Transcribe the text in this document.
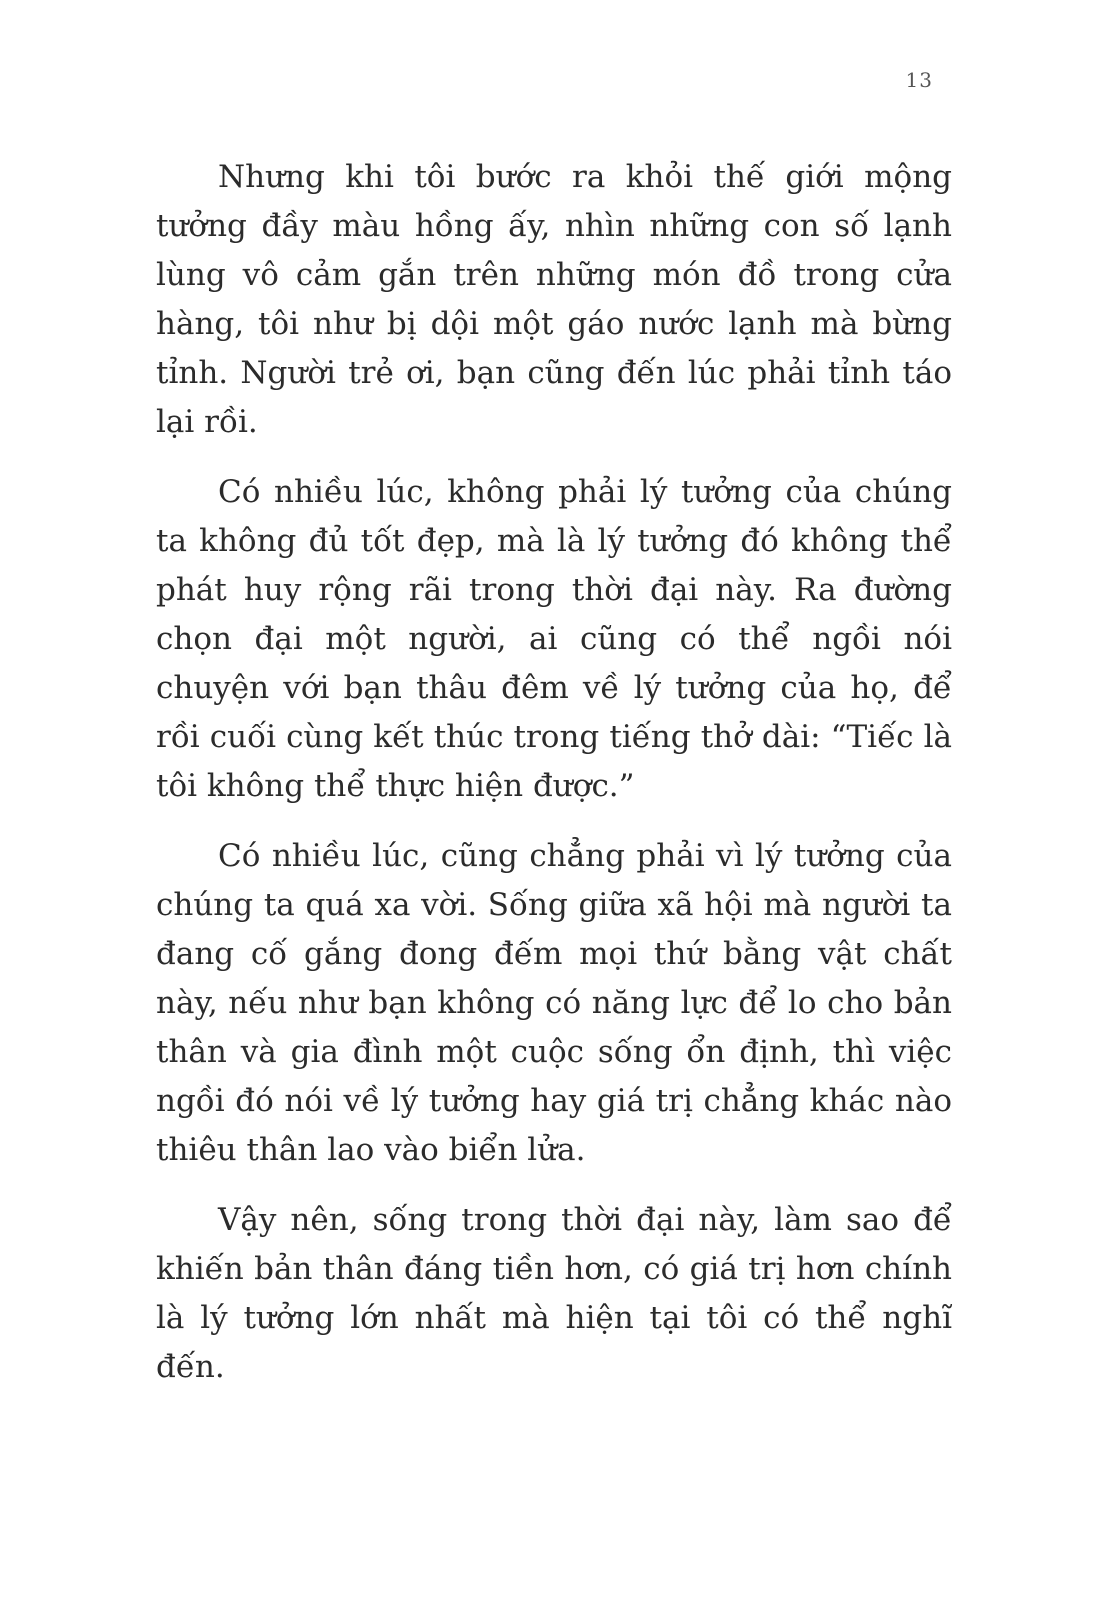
13

Nhưng khi tôi bước ra khỏi thế giới mộng tưởng đầy màu hồng ấy, nhìn những con số lạnh lùng vô cảm gắn trên những món đồ trong cửa hàng, tôi như bị dội một gáo nước lạnh mà bừng tỉnh. Người trẻ ơi, bạn cũng đến lúc phải tỉnh táo lại rồi.

Có nhiều lúc, không phải lý tưởng của chúng ta không đủ tốt đẹp, mà là lý tưởng đó không thể phát huy rộng rãi trong thời đại này. Ra đường chọn đại một người, ai cũng có thể ngồi nói chuyện với bạn thâu đêm về lý tưởng của họ, để rồi cuối cùng kết thúc trong tiếng thở dài: “Tiếc là tôi không thể thực hiện được.”

Có nhiều lúc, cũng chẳng phải vì lý tưởng của chúng ta quá xa vời. Sống giữa xã hội mà người ta đang cố gắng đong đếm mọi thứ bằng vật chất này, nếu như bạn không có năng lực để lo cho bản thân và gia đình một cuộc sống ổn định, thì việc ngồi đó nói về lý tưởng hay giá trị chẳng khác nào thiêu thân lao vào biển lửa.

Vậy nên, sống trong thời đại này, làm sao để khiến bản thân đáng tiền hơn, có giá trị hơn chính là lý tưởng lớn nhất mà hiện tại tôi có thể nghĩ đến.
